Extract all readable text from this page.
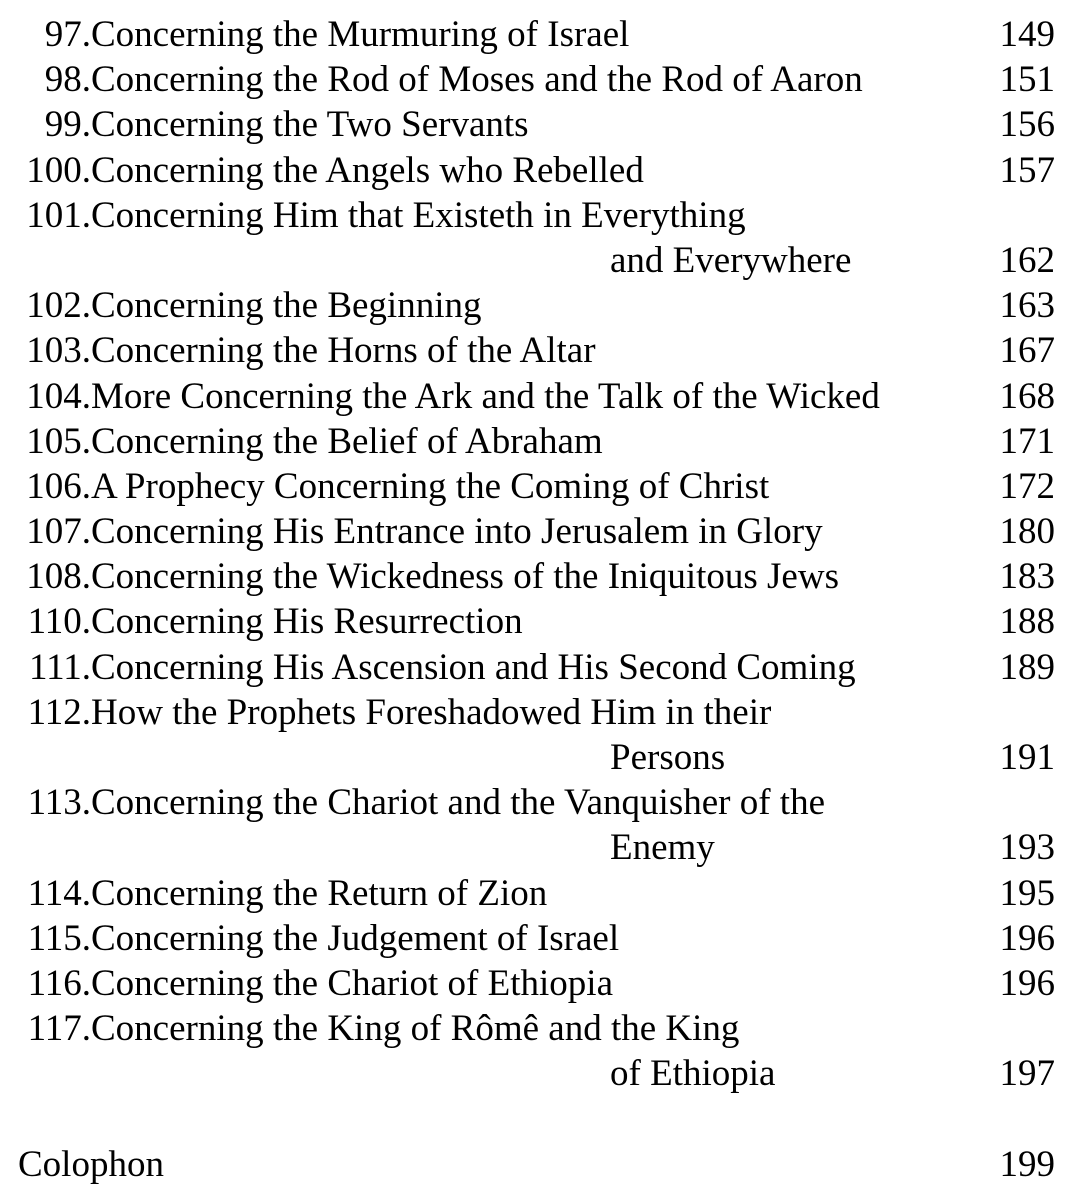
97. Concerning the Murmuring of Israel	149
98. Concerning the Rod of Moses and the Rod of Aaron	151
99. Concerning the Two Servants	156
100. Concerning the Angels who Rebelled	157
101. Concerning Him that Existeth in Everything
and Everywhere	162
102. Concerning the Beginning	163
103. Concerning the Horns of the Altar	167
104. More Concerning the Ark and the Talk of the Wicked	168
105. Concerning the Belief of Abraham	171
106. A Prophecy Concerning the Coming of Christ	172
107. Concerning His Entrance into Jerusalem in Glory	180
108. Concerning the Wickedness of the Iniquitous Jews	183
110. Concerning His Resurrection	188
111. Concerning His Ascension and His Second Coming	189
112. How the Prophets Foreshadowed Him in their
Persons	191
113. Concerning the Chariot and the Vanquisher of the
Enemy	193
114. Concerning the Return of Zion	195
115. Concerning the Judgement of Israel	196
116. Concerning the Chariot of Ethiopia	196
117. Concerning the King of Rômê and the King
of Ethiopia	197
Colophon	199
